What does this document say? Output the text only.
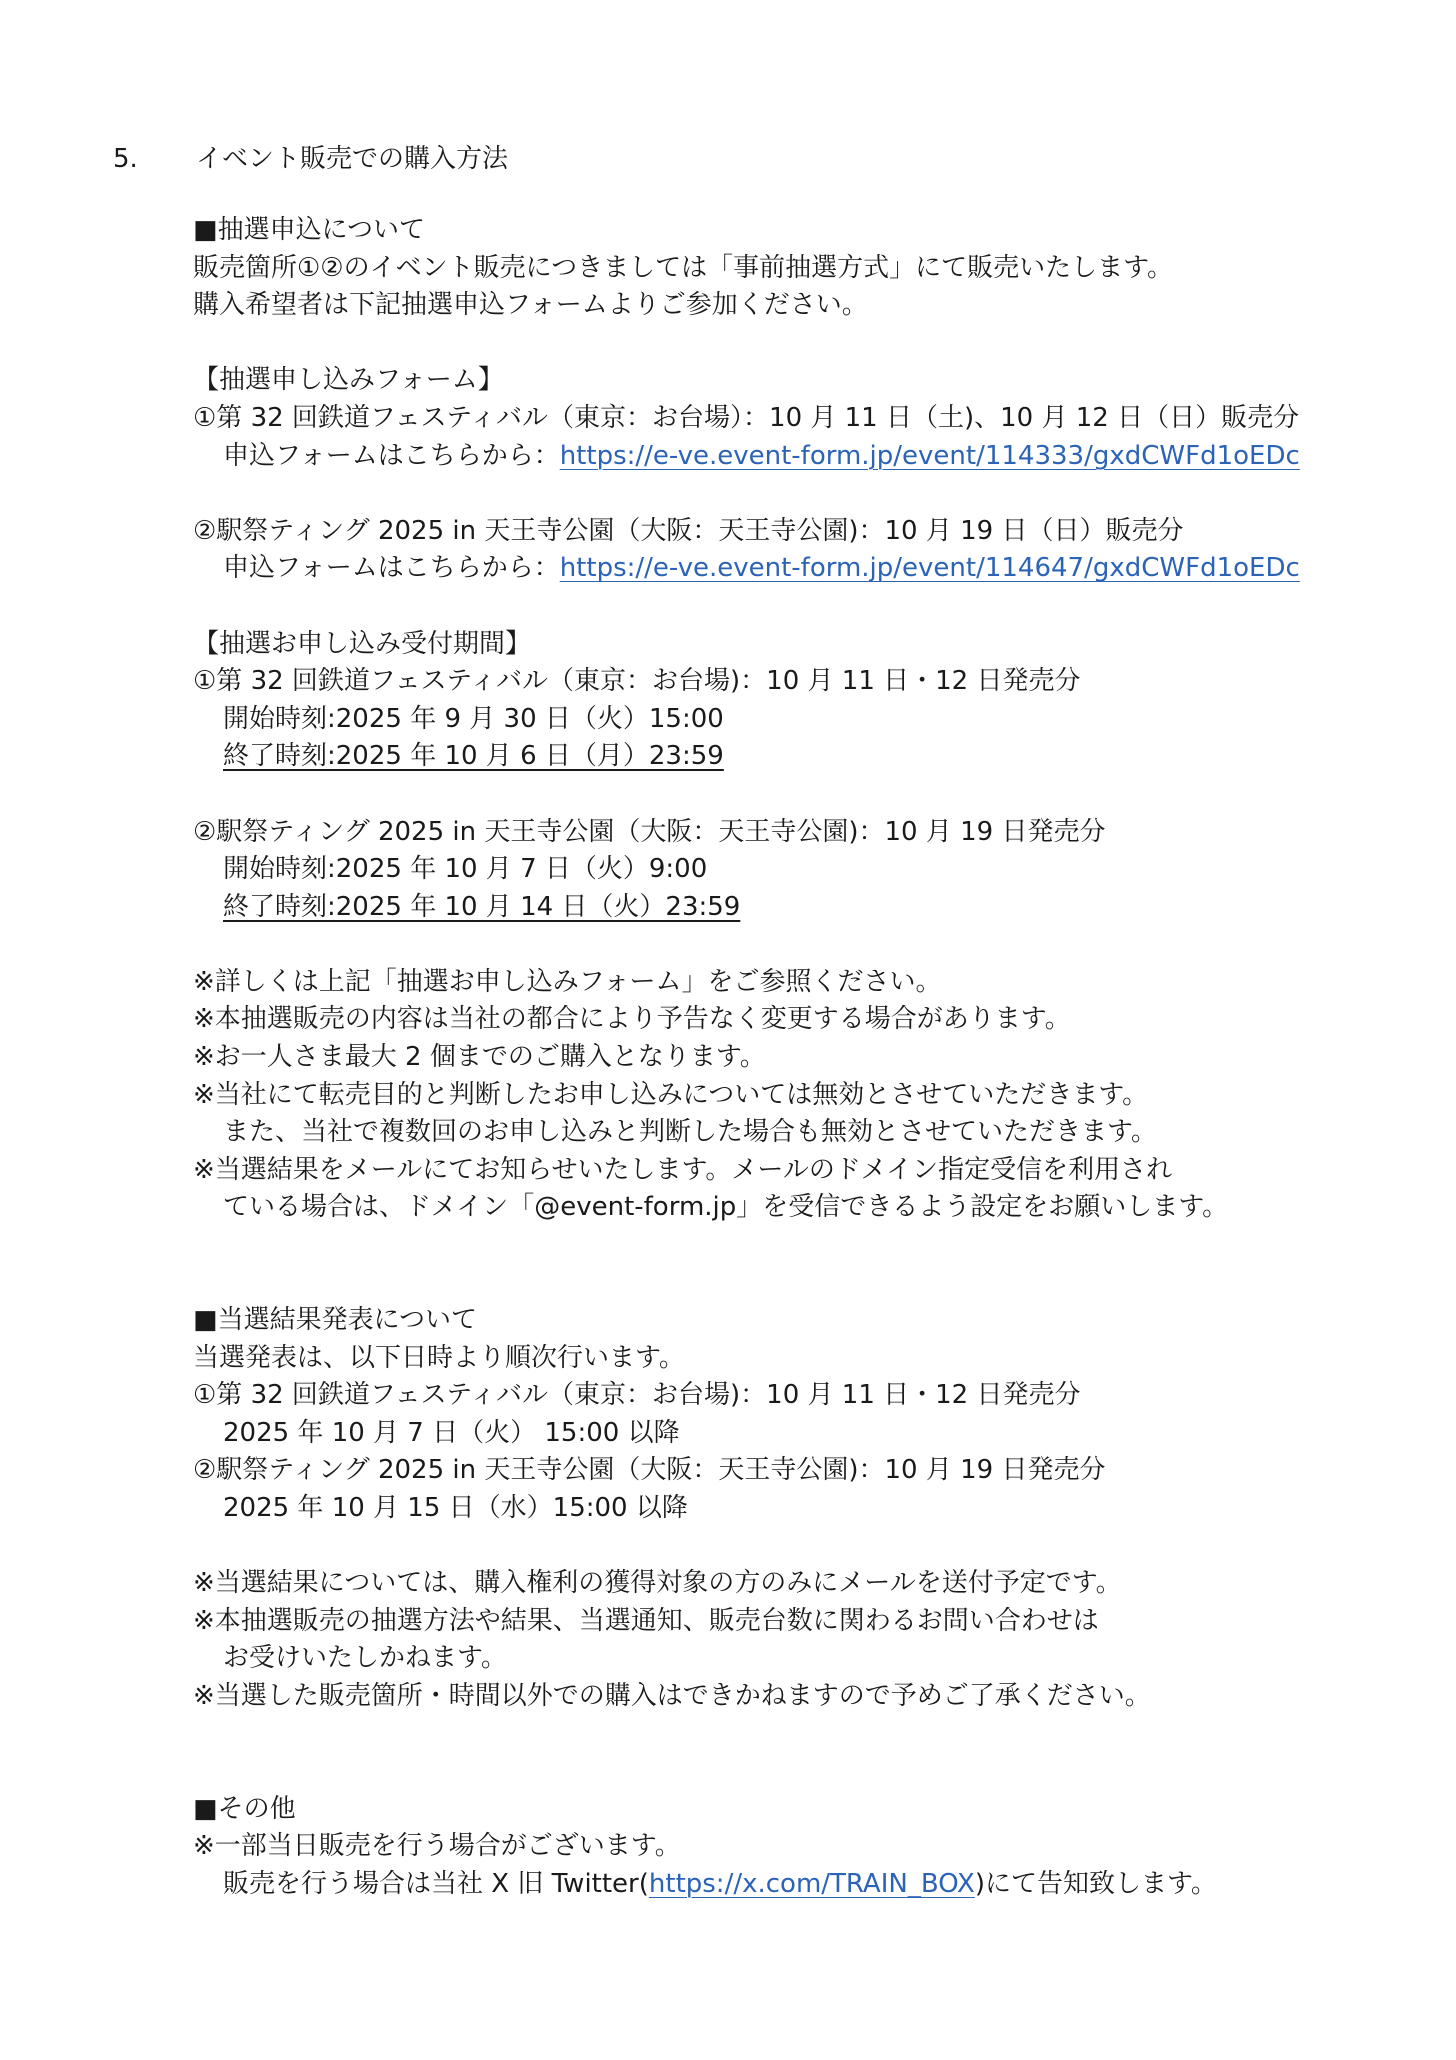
5. イベント販売での購入方法
■抽選申込について
販売箇所①②のイベント販売につきましては「事前抽選方式」にて販売いたします。
購入希望者は下記抽選申込フォームよりご参加ください。
【抽選申し込みフォーム】
①第 32 回鉄道フェスティバル（東京：お台場）：10 月 11 日（土)、10 月 12 日（日）販売分
申込フォームはこちらから：https://e-ve.event-form.jp/event/114333/gxdCWFd1oEDc
②駅祭ティング 2025 in 天王寺公園（大阪：天王寺公園)：10 月 19 日（日）販売分
申込フォームはこちらから：https://e-ve.event-form.jp/event/114647/gxdCWFd1oEDc
【抽選お申し込み受付期間】
①第 32 回鉄道フェスティバル（東京：お台場)：10 月 11 日・12 日発売分
開始時刻:2025 年 9 月 30 日（火）15:00
終了時刻:2025 年 10 月 6 日（月）23:59
②駅祭ティング 2025 in 天王寺公園（大阪：天王寺公園)：10 月 19 日発売分
開始時刻:2025 年 10 月 7 日（火）9:00
終了時刻:2025 年 10 月 14 日（火）23:59
※詳しくは上記「抽選お申し込みフォーム」をご参照ください。
※本抽選販売の内容は当社の都合により予告なく変更する場合があります。
※お一人さま最大 2 個までのご購入となります。
※当社にて転売目的と判断したお申し込みについては無効とさせていただきます。
また、当社で複数回のお申し込みと判断した場合も無効とさせていただきます。
※当選結果をメールにてお知らせいたします。メールのドメイン指定受信を利用され
ている場合は、ドメイン「@event-form.jp」を受信できるよう設定をお願いします。
■当選結果発表について
当選発表は、以下日時より順次行います。
①第 32 回鉄道フェスティバル（東京：お台場)：10 月 11 日・12 日発売分
2025 年 10 月 7 日（火） 15:00 以降
②駅祭ティング 2025 in 天王寺公園（大阪：天王寺公園)：10 月 19 日発売分
2025 年 10 月 15 日（水）15:00 以降
※当選結果については、購入権利の獲得対象の方のみにメールを送付予定です。
※本抽選販売の抽選方法や結果、当選通知、販売台数に関わるお問い合わせは
お受けいたしかねます。
※当選した販売箇所・時間以外での購入はできかねますので予めご了承ください。
■その他
※一部当日販売を行う場合がございます。
販売を行う場合は当社 X 旧 Twitter(https://x.com/TRAIN_BOX)にて告知致します。
